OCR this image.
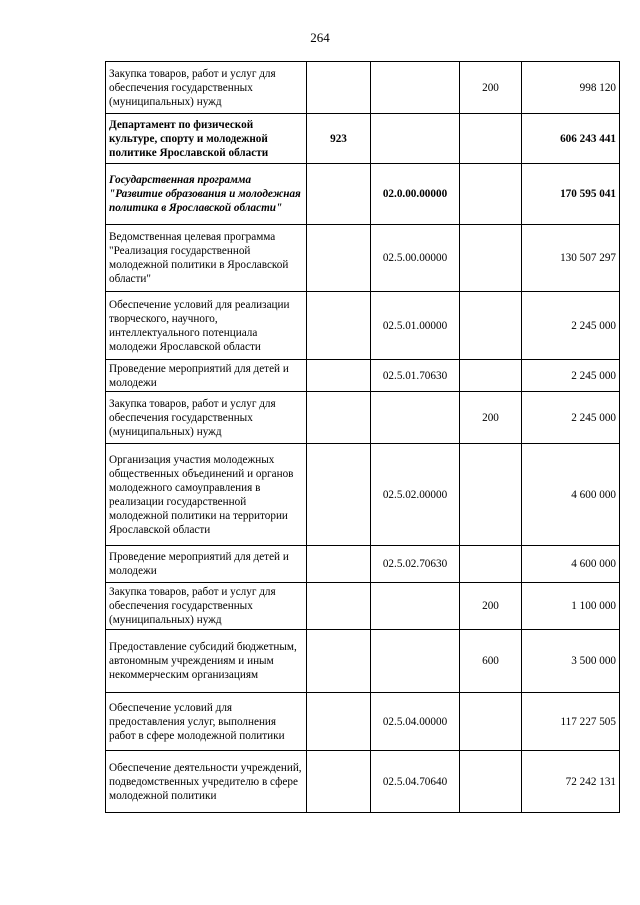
264
Закупка товаров, работ и услуг для обеспечения государственных (муниципальных) нужд			200	998 120
Департамент по физической культуре, спорту и молодежной политике Ярославской области	923			606 243 441
Государственная программа "Развитие образования и молодежная политика в Ярославской области"		02.0.00.00000		170 595 041
Ведомственная целевая программа "Реализация государственной молодежной политики в Ярославской области"		02.5.00.00000		130 507 297
Обеспечение условий для реализации творческого, научного, интеллектуального потенциала молодежи Ярославской области		02.5.01.00000		2 245 000
Проведение мероприятий для детей и молодежи		02.5.01.70630		2 245 000
Закупка товаров, работ и услуг для обеспечения государственных (муниципальных) нужд			200	2 245 000
Организация участия молодежных общественных объединений и органов молодежного самоуправления в реализации государственной молодежной политики на территории Ярославской области		02.5.02.00000		4 600 000
Проведение мероприятий для детей и молодежи		02.5.02.70630		4 600 000
Закупка товаров, работ и услуг для обеспечения государственных (муниципальных) нужд			200	1 100 000
Предоставление субсидий бюджетным, автономным учреждениям и иным некоммерческим организациям			600	3 500 000
Обеспечение условий для предоставления услуг, выполнения работ в сфере молодежной политики		02.5.04.00000		117 227 505
Обеспечение деятельности учреждений, подведомственных учредителю в сфере молодежной политики		02.5.04.70640		72 242 131
